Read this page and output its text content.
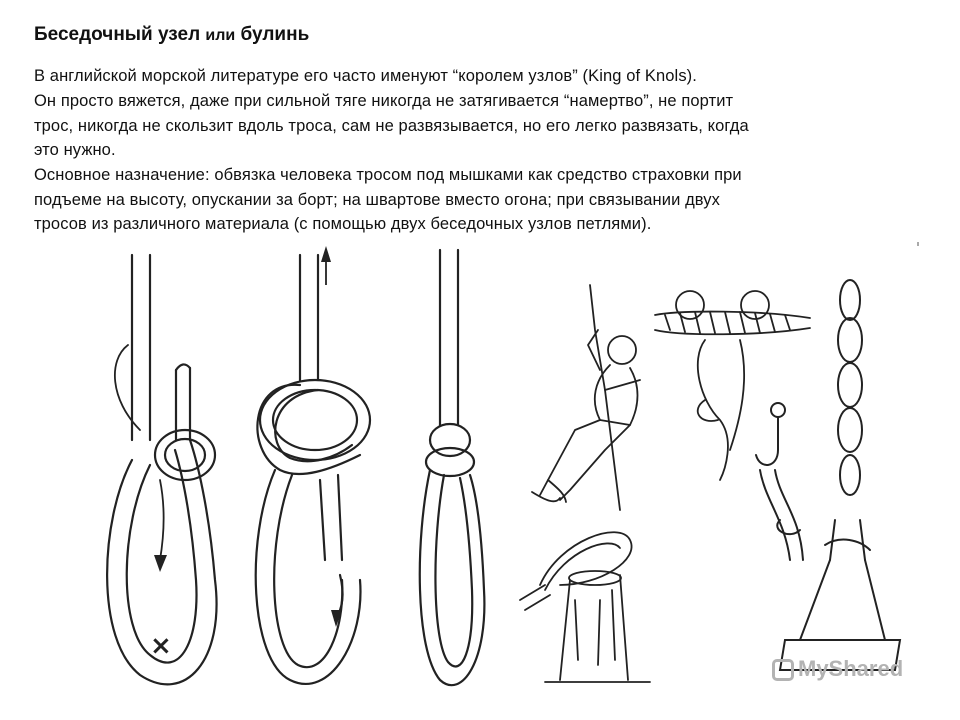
Беседочный узел или булинь
В английской морской литературе его часто именуют “королем узлов” (King of Knols).
Он просто вяжется, даже при сильной тяге никогда не затягивается “намертво”, не портит
трос, никогда не скользит вдоль троса, сам не развязывается, но его легко развязать, когда
это нужно.
Основное назначение: обвязка человека тросом под мышками как средство страховки при
подъеме на высоту, опускании за борт; на швартове вместо огона; при связывании двух
тросов из различного материала (с помощью двух беседочных узлов петлями).
×
MyShared
